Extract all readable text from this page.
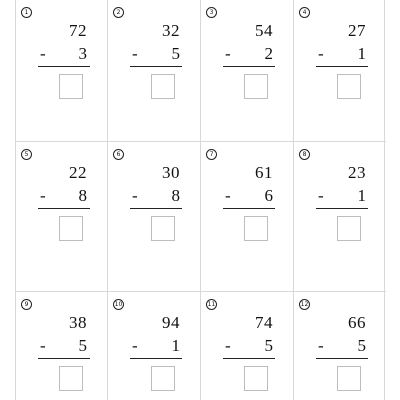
1
72
- 3
2
32
- 5
3
54
- 2
4
27
- 1
5
22
- 8
6
30
- 8
7
61
- 6
8
23
- 1
9
38
- 5
10
94
- 1
11
74
- 5
12
66
- 5
